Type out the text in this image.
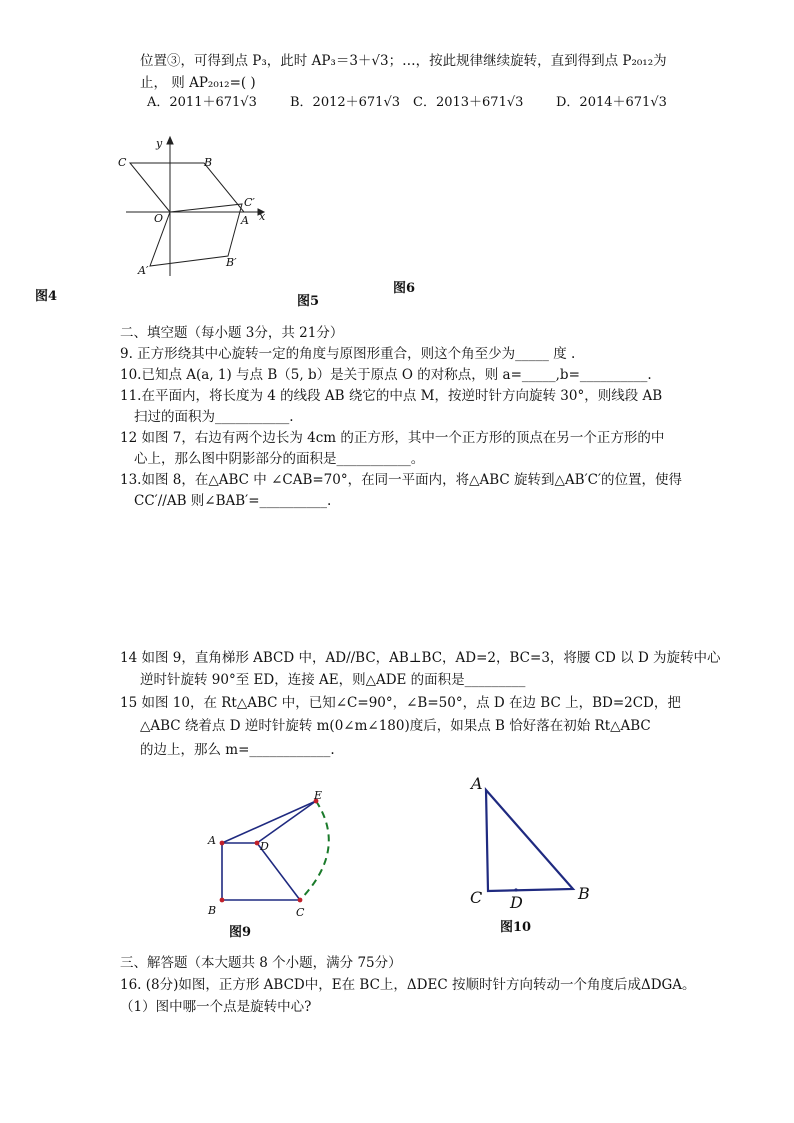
位置③，可得到点 P₃，此时 AP₃＝3＋√3；…，按此规律继续旋转，直到得到点 P₂₀₁₂为
止， 则 AP₂₀₁₂=( )
A．2011＋671√3	B．2012＋671√3 C．2013＋671√3	D．2014＋671√3
y
C	B
C′
O	A x
A′
B′
图4	图5
图6
二、填空题（每小题 3分，共 21分）
9. 正方形绕其中心旋转一定的角度与原图形重合，则这个角至少为_____ 度 .
10.已知点 A(a, 1) 与点 B（5, b）是关于原点 O 的对称点，则 a=_____,b=__________.
11.在平面内，将长度为 4 的线段 AB 绕它的中点 M，按逆时针方向旋转 30°，则线段 AB
扫过的面积为___________.
12 如图 7，右边有两个边长为 4cm 的正方形，其中一个正方形的顶点在另一个正方形的中
心上，那么图中阴影部分的面积是___________。
13.如图 8，在△ABC 中 ∠CAB=70°，在同一平面内，将△ABC 旋转到△AB′C′的位置，使得
CC′//AB 则∠BAB′=__________.
14 如图 9，直角梯形 ABCD 中，AD//BC，AB⊥BC，AD=2，BC=3，将腰 CD 以 D 为旋转中心
逆时针旋转 90°至 ED，连接 AE，则△ADE 的面积是_________
15 如图 10，在 Rt△ABC 中，已知∠C=90°，∠B=50°，点 D 在边 BC 上，BD=2CD，把
△ABC 绕着点 D 逆时针旋转 m(0∠m∠180)度后，如果点 B 恰好落在初始 Rt△ABC
的边上，那么 m=____________.
A	D
B	C
E
图9
A
C D	B
图10
三、解答题（本大题共 8 个小题，满分 75分）
16. (8分)如图，正方形 ABCD中，E在 BC上，ΔDEC 按顺时针方向转动一个角度后成ΔDGA。
（1）图中哪一个点是旋转中心?
